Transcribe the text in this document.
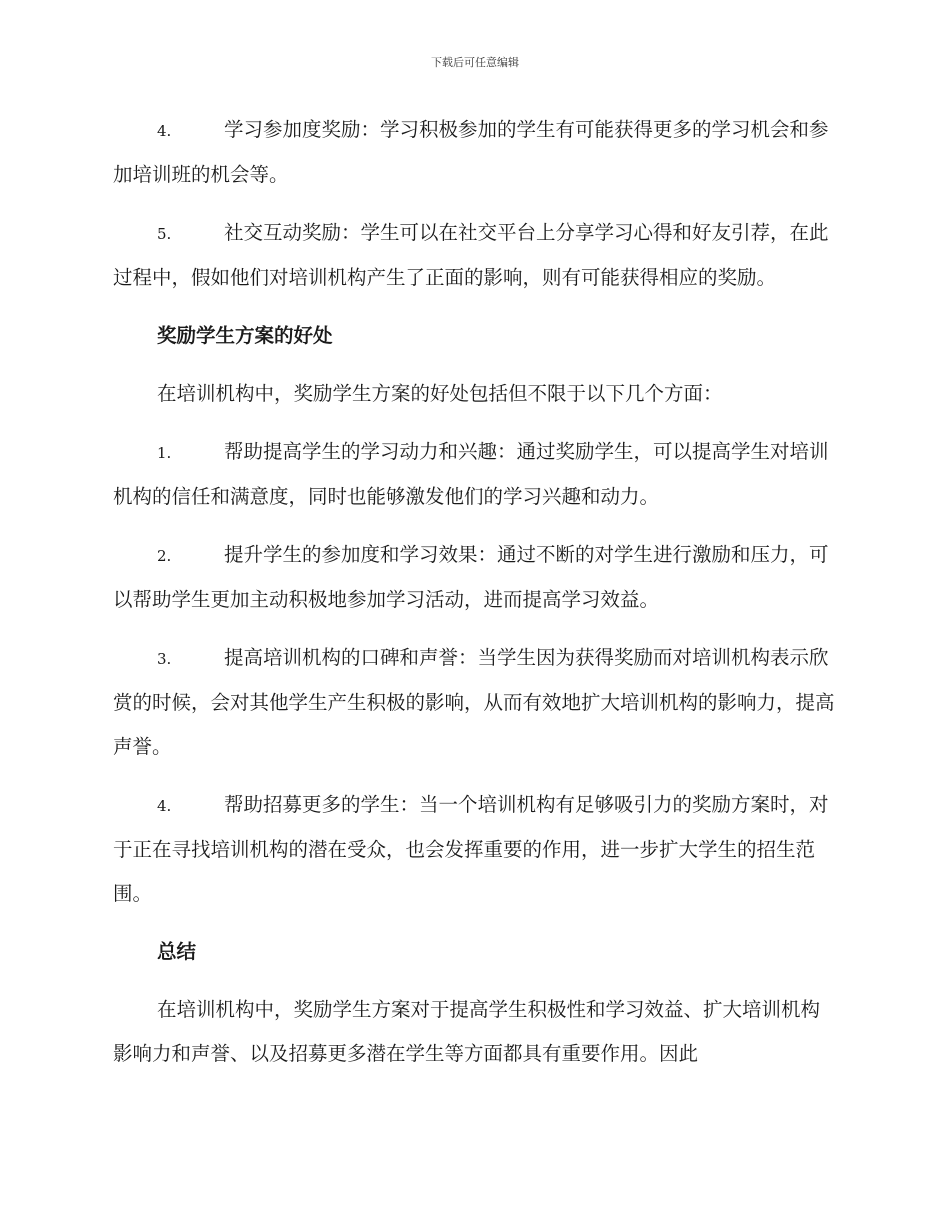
下载后可任意编辑

4.	学习参加度奖励：学习积极参加的学生有可能获得更多的学习机会和参加培训班的机会等。

5.	社交互动奖励：学生可以在社交平台上分享学习心得和好友引荐，在此过程中，假如他们对培训机构产生了正面的影响，则有可能获得相应的奖励。

奖励学生方案的好处

在培训机构中，奖励学生方案的好处包括但不限于以下几个方面：

1.	帮助提高学生的学习动力和兴趣：通过奖励学生，可以提高学生对培训机构的信任和满意度，同时也能够激发他们的学习兴趣和动力。

2.	提升学生的参加度和学习效果：通过不断的对学生进行激励和压力，可以帮助学生更加主动积极地参加学习活动，进而提高学习效益。

3.	提高培训机构的口碑和声誉：当学生因为获得奖励而对培训机构表示欣赏的时候，会对其他学生产生积极的影响，从而有效地扩大培训机构的影响力，提高声誉。

4.	帮助招募更多的学生：当一个培训机构有足够吸引力的奖励方案时，对于正在寻找培训机构的潜在受众，也会发挥重要的作用，进一步扩大学生的招生范围。

总结

在培训机构中，奖励学生方案对于提高学生积极性和学习效益、扩大培训机构影响力和声誉、以及招募更多潜在学生等方面都具有重要作用。因此
